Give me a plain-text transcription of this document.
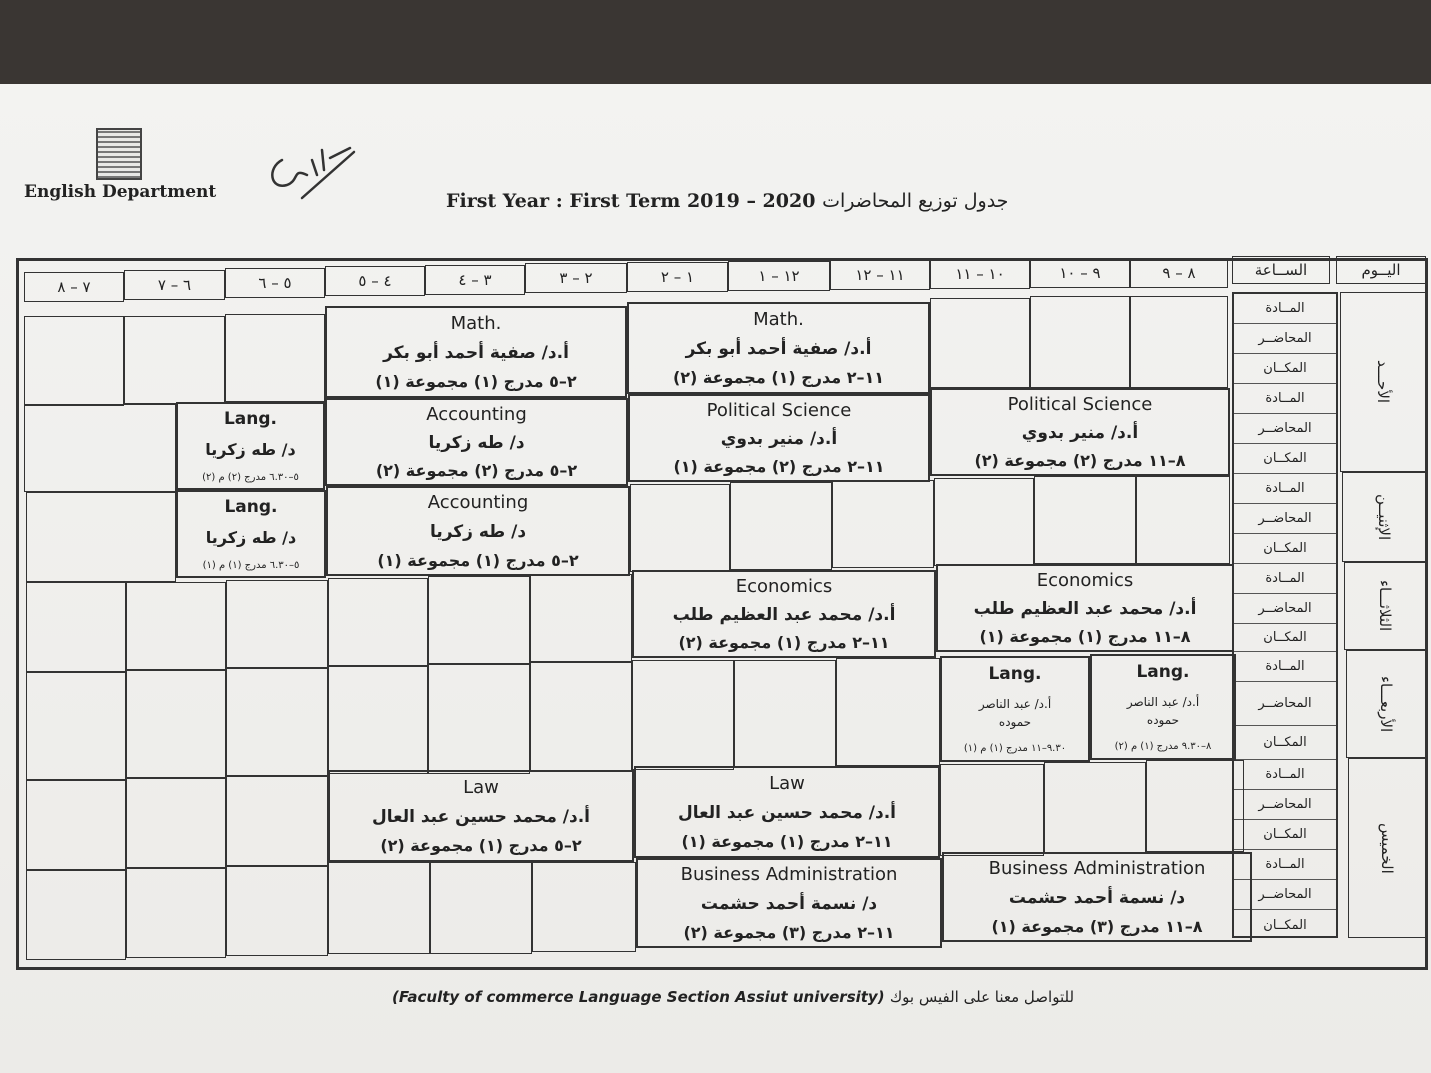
English Department	First Year : First Term 2019 – 2020 جدول توزيع المحاضرات
اليــوم
الســاعة
٨ – ٩
٩ – ١٠
١٠ – ١١
١١ – ١٢
١٢ – ١
١ – ٢
٢ – ٣
٣ – ٤
٤ – ٥
٥ – ٦
٦ – ٧
٧ – ٨
الأحـــد
الإثنيــن
الثلاثـــاء
الأربعـــاء
الخميس
المــادة
المحاضــر
المكــان
المــادة
المحاضــر
المكــان
المــادة
المحاضــر
المكــان
المــادة
المحاضــر
المكــان
المــادة
المحاضــر
المكــان
المــادة
المحاضــر
المكــان
المــادة
المحاضــر
المكــان
Math.
أ.د/ صفية أحمد أبو بكر
١١–٢ مدرج (١) مجموعة (٢)
Math.
أ.د/ صفية أحمد أبو بكر
٢–٥ مدرج (١) مجموعة (١)
Political Science
أ.د/ منير بدوي
٨–١١ مدرج (٢) مجموعة (٢)
Political Science
أ.د/ منير بدوي
١١–٢ مدرج (٢) مجموعة (١)
Accounting
د/ طه زكريا
٢–٥ مدرج (٢) مجموعة (٢)
Lang.
د/ طه زكريا
٥–٦.٣٠ مدرج (٢) م (٢)
Accounting
د/ طه زكريا
٢–٥ مدرج (١) مجموعة (١)
Lang.
د/ طه زكريا
٥–٦.٣٠ مدرج (١) م (١)
Economics
أ.د/ محمد عبد العظيم طلب
٨–١١ مدرج (١) مجموعة (١)
Economics
أ.د/ محمد عبد العظيم طلب
١١–٢ مدرج (١) مجموعة (٢)
Lang.
أ.د/ عبد الناصر حموده
٨–٩.٣٠ مدرج (١) م (٢)
Lang.
أ.د/ عبد الناصر حموده
٩.٣٠–١١ مدرج (١) م (١)
Law
أ.د/ محمد حسين عبد العال
١١–٢ مدرج (١) مجموعة (١)
Law
أ.د/ محمد حسين عبد العال
٢–٥ مدرج (١) مجموعة (٢)
Business Administration
د/ نسمة أحمد حشمت
٨–١١ مدرج (٣) مجموعة (١)
Business Administration
د/ نسمة أحمد حشمت
١١–٢ مدرج (٣) مجموعة (٢)
(Faculty of commerce Language Section Assiut university) للتواصل معنا على الفيس بوك
